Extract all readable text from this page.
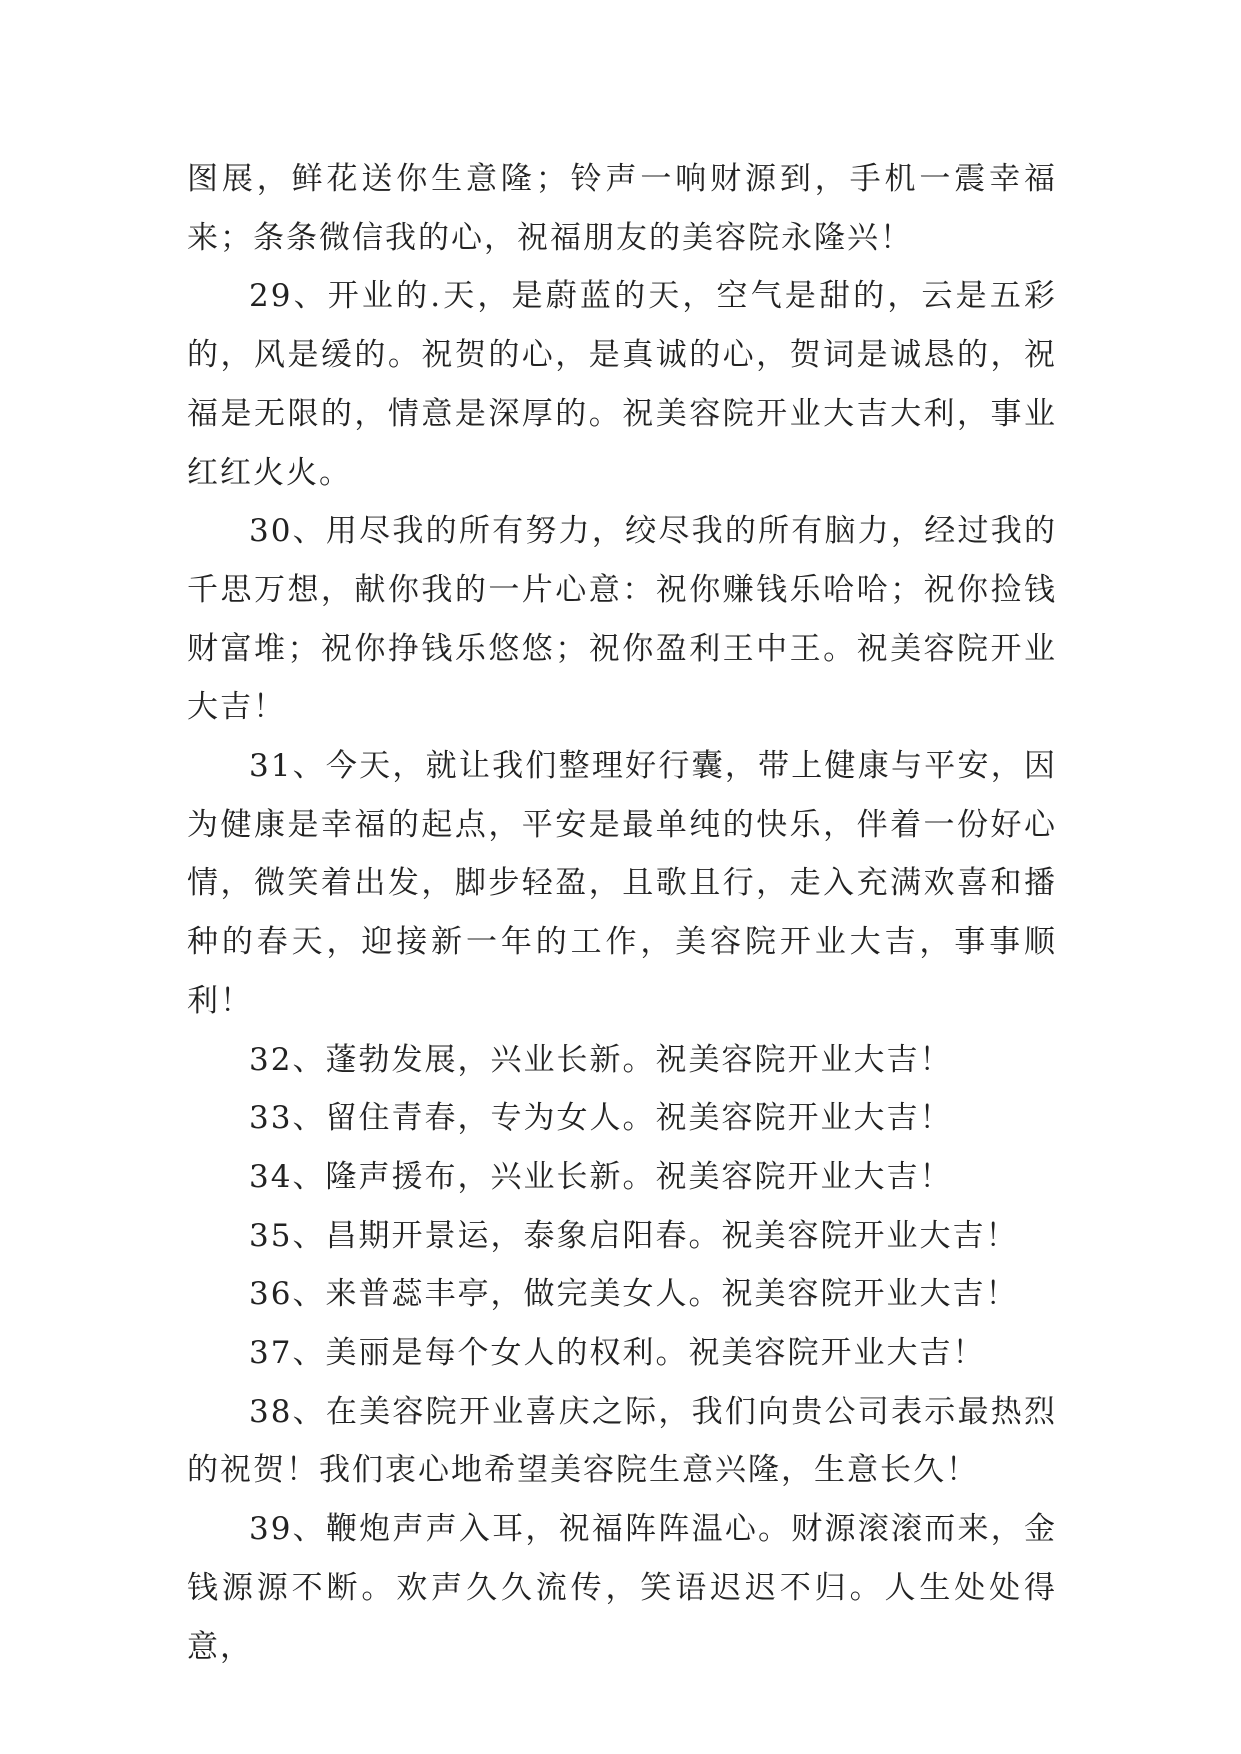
图展，鲜花送你生意隆；铃声一响财源到，手机一震幸福来；条条微信我的心，祝福朋友的美容院永隆兴！

29、开业的.天，是蔚蓝的天，空气是甜的，云是五彩的，风是缓的。祝贺的心，是真诚的心，贺词是诚恳的，祝福是无限的，情意是深厚的。祝美容院开业大吉大利，事业红红火火。

30、用尽我的所有努力，绞尽我的所有脑力，经过我的千思万想，献你我的一片心意：祝你赚钱乐哈哈；祝你捡钱财富堆；祝你挣钱乐悠悠；祝你盈利王中王。祝美容院开业大吉！

31、今天，就让我们整理好行囊，带上健康与平安，因为健康是幸福的起点，平安是最单纯的快乐，伴着一份好心情，微笑着出发，脚步轻盈，且歌且行，走入充满欢喜和播种的春天，迎接新一年的工作，美容院开业大吉，事事顺利！

32、蓬勃发展，兴业长新。祝美容院开业大吉！

33、留住青春，专为女人。祝美容院开业大吉！

34、隆声援布，兴业长新。祝美容院开业大吉！

35、昌期开景运，泰象启阳春。祝美容院开业大吉！

36、来普蕊丰亭，做完美女人。祝美容院开业大吉！

37、美丽是每个女人的权利。祝美容院开业大吉！

38、在美容院开业喜庆之际，我们向贵公司表示最热烈的祝贺！我们衷心地希望美容院生意兴隆，生意长久！

39、鞭炮声声入耳，祝福阵阵温心。财源滚滚而来，金钱源源不断。欢声久久流传，笑语迟迟不归。人生处处得意，
